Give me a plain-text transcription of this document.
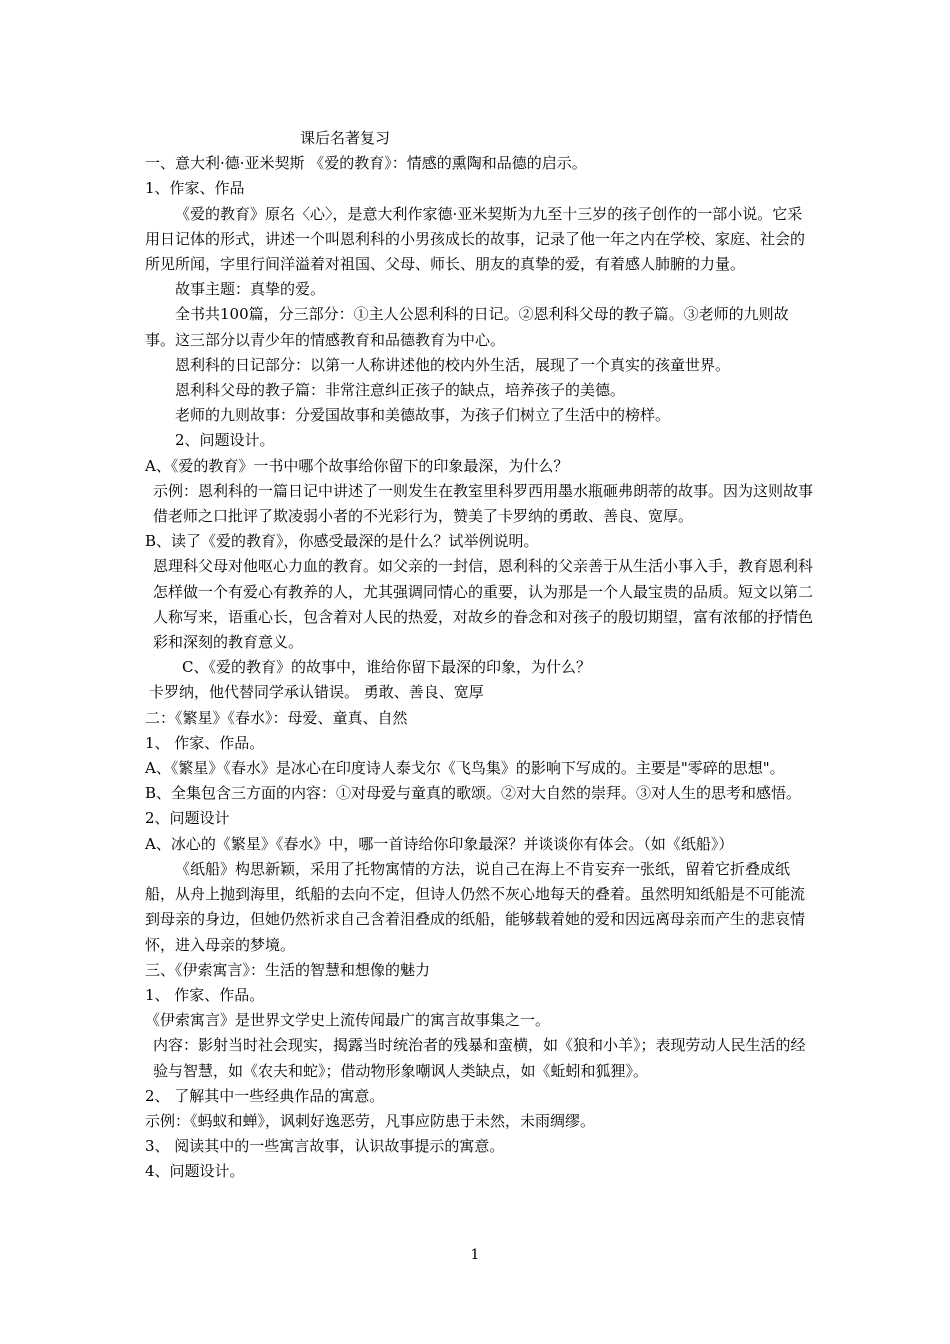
课后名著复习

一、意大利·德·亚米契斯 《爱的教育》：情感的熏陶和品德的启示。

1、作家、作品

《爱的教育》原名〈心〉，是意大利作家德·亚米契斯为九至十三岁的孩子创作的一部小说。它采用日记体的形式，讲述一个叫恩利科的小男孩成长的故事，记录了他一年之内在学校、家庭、社会的所见所闻，字里行间洋溢着对祖国、父母、师长、朋友的真挚的爱，有着感人肺腑的力量。

故事主题：真挚的爱。

全书共100篇，分三部分：①主人公恩利科的日记。②恩利科父母的教子篇。③老师的九则故事。这三部分以青少年的情感教育和品德教育为中心。

恩利科的日记部分：以第一人称讲述他的校内外生活，展现了一个真实的孩童世界。

恩利科父母的教子篇：非常注意纠正孩子的缺点，培养孩子的美德。

老师的九则故事：分爱国故事和美德故事，为孩子们树立了生活中的榜样。

2、问题设计。

A、《爱的教育》一书中哪个故事给你留下的印象最深，为什么？

示例：恩利科的一篇日记中讲述了一则发生在教室里科罗西用墨水瓶砸弗朗蒂的故事。因为这则故事借老师之口批评了欺凌弱小者的不光彩行为，赞美了卡罗纳的勇敢、善良、宽厚。

B、读了《爱的教育》，你感受最深的是什么？试举例说明。

恩理科父母对他呕心力血的教育。如父亲的一封信，恩利科的父亲善于从生活小事入手，教育恩利科怎样做一个有爱心有教养的人，尤其强调同情心的重要，认为那是一个人最宝贵的品质。短文以第二人称写来，语重心长，包含着对人民的热爱，对故乡的眷念和对孩子的殷切期望，富有浓郁的抒情色彩和深刻的教育意义。

C、《爱的教育》的故事中，谁给你留下最深的印象，为什么？

卡罗纳，他代替同学承认错误。 勇敢、善良、宽厚

二：《繁星》《春水》：母爱、童真、自然

1、 作家、作品。

A、《繁星》《春水》是冰心在印度诗人泰戈尔《飞鸟集》的影响下写成的。主要是"零碎的思想"。

B、全集包含三方面的内容：①对母爱与童真的歌颂。②对大自然的崇拜。③对人生的思考和感悟。

2、问题设计

A、冰心的《繁星》《春水》中，哪一首诗给你印象最深？并谈谈你有体会。（如《纸船》）

《纸船》构思新颖，采用了托物寓情的方法，说自己在海上不肯妄弃一张纸，留着它折叠成纸船，从舟上抛到海里，纸船的去向不定，但诗人仍然不灰心地每天的叠着。虽然明知纸船是不可能流到母亲的身边，但她仍然祈求自己含着泪叠成的纸船，能够载着她的爱和因远离母亲而产生的悲哀情怀，进入母亲的梦境。

三、《伊索寓言》：生活的智慧和想像的魅力

1、 作家、作品。

《伊索寓言》是世界文学史上流传闻最广的寓言故事集之一。

内容：影射当时社会现实，揭露当时统治者的残暴和蛮横，如《狼和小羊》；表现劳动人民生活的经验与智慧，如《农夫和蛇》；借动物形象嘲讽人类缺点，如《蚯蚓和狐狸》。

2、 了解其中一些经典作品的寓意。

示例：《蚂蚁和蝉》，讽刺好逸恶劳，凡事应防患于未然，未雨绸缪。

3、 阅读其中的一些寓言故事，认识故事提示的寓意。

4、问题设计。

1
